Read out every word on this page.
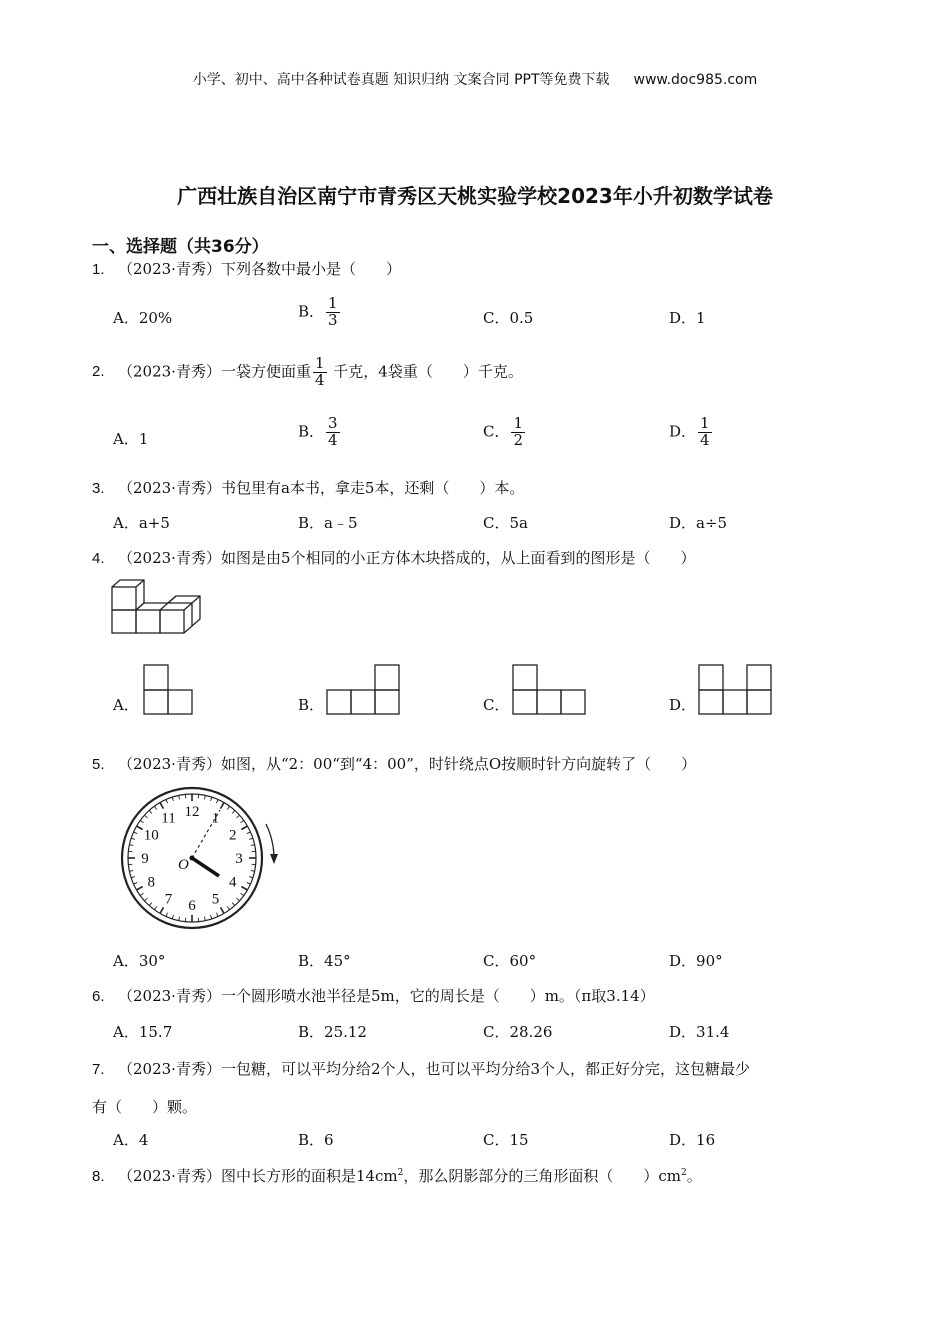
小学、初中、高中各种试卷真题 知识归纳 文案合同 PPT等免费下载 www.doc985.com
广西壮族自治区南宁市青秀区天桃实验学校2023年小升初数学试卷
一、选择题（共36分）
1. （2023·青秀）下列各数中最小是（　　）
A．20%	B． $\frac{1}{3}$	C．0.5	D．1
2. （2023·青秀）一袋方便面重 $\frac{1}{4}$ 千克，4袋重（　　）千克。
A．1	B． $\frac{3}{4}$	C． $\frac{1}{2}$	D． $\frac{1}{4}$
3. （2023·青秀）书包里有a本书，拿走5本，还剩（　　）本。
A．a+5	B．a﹣5	C．5a	D．a÷5
4. （2023·青秀）如图是由5个相同的小正方体木块搭成的，从上面看到的图形是（　　）
A．	B．	C．	D．
5. （2023·青秀）如图，从“2：00“到“4：00”，时针绕点O按顺时针方向旋转了（　　）
12 1
2
3
4
5
6
7
8
9
10
11
O
A．30°	B．45°	C．60°	D．90°
6. （2023·青秀）一个圆形喷水池半径是5m，它的周长是（　　）m。（π取3.14）
A．15.7	B．25.12	C．28.26	D．31.4
7. （2023·青秀）一包糖，可以平均分给2个人，也可以平均分给3个人，都正好分完，这包糖最少
有（　　）颗。
A．4	B．6	C．15	D．16
8. （2023·青秀）图中长方形的面积是$14cm^2$，那么阴影部分的三角形面积（　　）$cm^2$。
